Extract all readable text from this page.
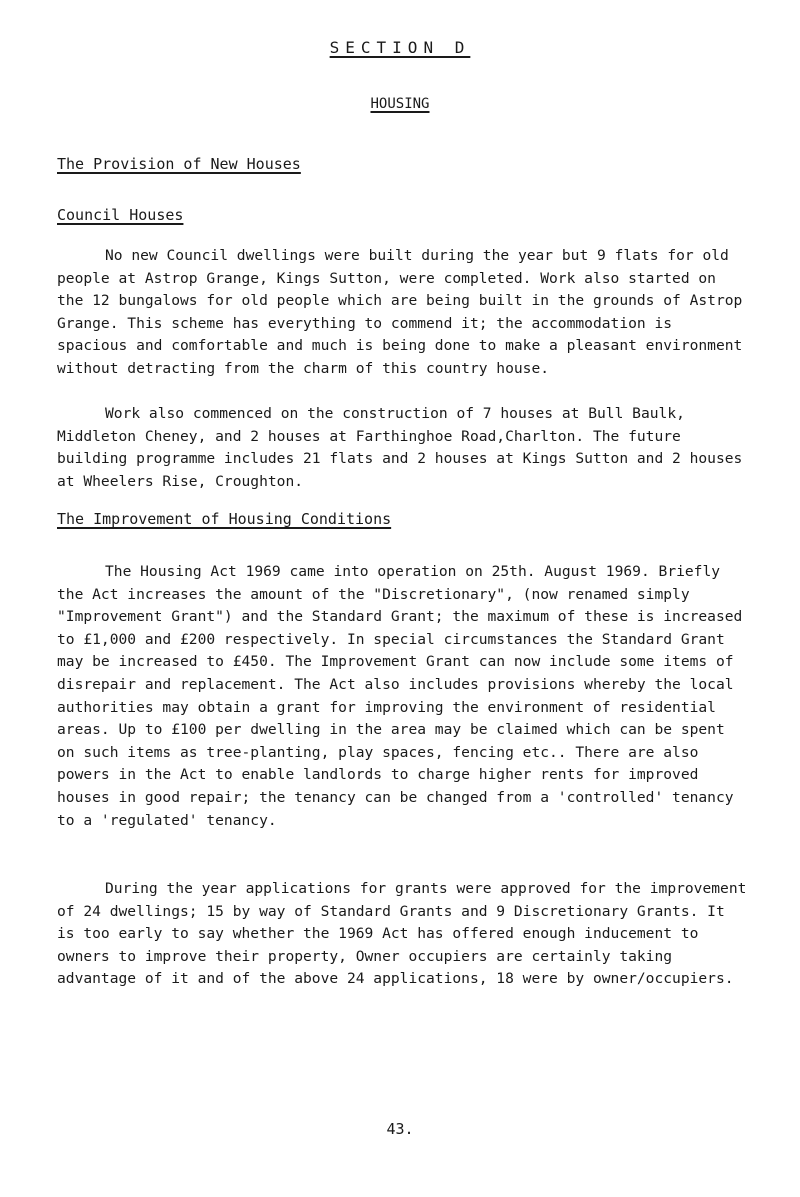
SECTION D
HOUSING
The Provision of New Houses
Council Houses

No new Council dwellings were built during the year but 9 flats for old people at Astrop Grange, Kings Sutton, were completed. Work also started on the 12 bungalows for old people which are being built in the grounds of Astrop Grange. This scheme has everything to commend it; the accommodation is spacious and comfortable and much is being done to make a pleasant environment without detracting from the charm of this country house.

Work also commenced on the construction of 7 houses at Bull Baulk, Middleton Cheney, and 2 houses at Farthinghoe Road,Charlton. The future building programme includes 21 flats and 2 houses at Kings Sutton and 2 houses at Wheelers Rise, Croughton.

The Improvement of Housing Conditions

The Housing Act 1969 came into operation on 25th. August 1969. Briefly the Act increases the amount of the "Discretionary", (now renamed simply "Improvement Grant") and the Standard Grant; the maximum of these is increased to £1,000 and £200 respectively. In special circumstances the Standard Grant may be increased to £450. The Improvement Grant can now include some items of disrepair and replacement. The Act also includes provisions whereby the local authorities may obtain a grant for improving the environment of residential areas. Up to £100 per dwelling in the area may be claimed which can be spent on such items as tree-planting, play spaces, fencing etc.. There are also powers in the Act to enable landlords to charge higher rents for improved houses in good repair; the tenancy can be changed from a 'controlled' tenancy to a 'regulated' tenancy.

During the year applications for grants were approved for the improvement of 24 dwellings; 15 by way of Standard Grants and 9 Discretionary Grants. It is too early to say whether the 1969 Act has offered enough inducement to owners to improve their property, Owner occupiers are certainly taking advantage of it and of the above 24 applications, 18 were by owner/occupiers.

43.
